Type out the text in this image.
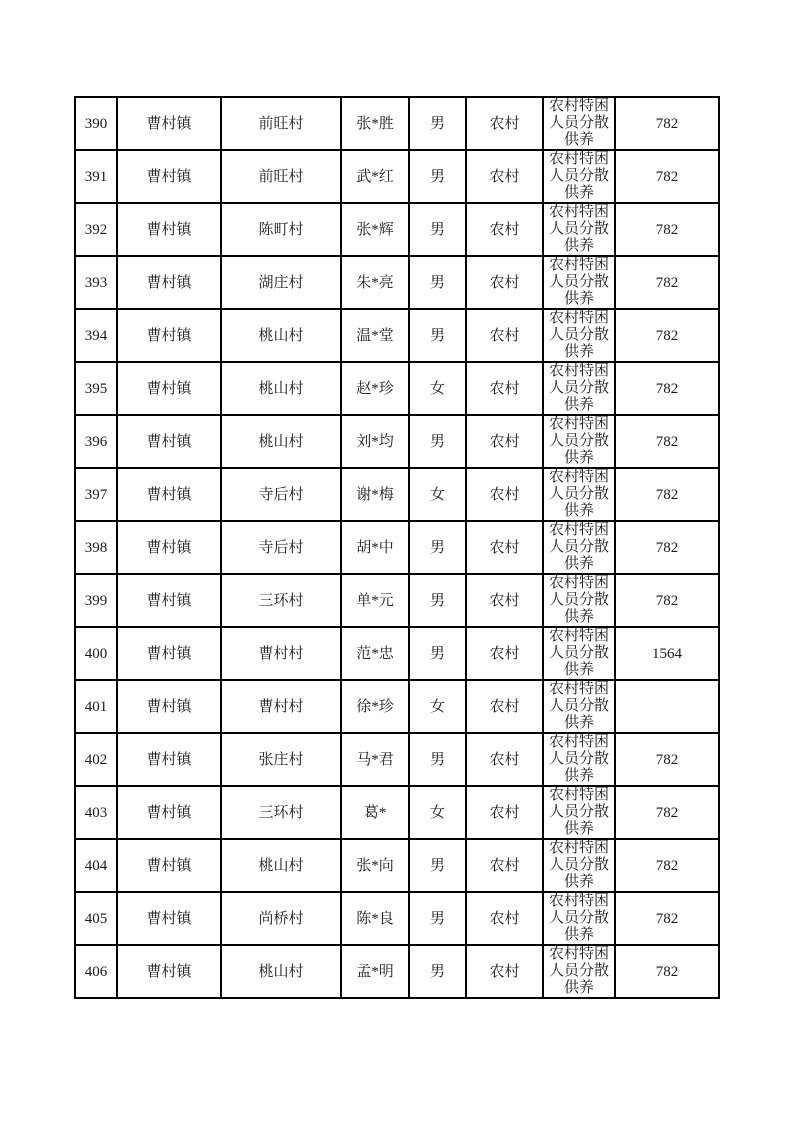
390	曹村镇	前旺村	张*胜	男	农村	农村特困人员分散供养	782
391	曹村镇	前旺村	武*红	男	农村	农村特困人员分散供养	782
392	曹村镇	陈町村	张*辉	男	农村	农村特困人员分散供养	782
393	曹村镇	湖庄村	朱*亮	男	农村	农村特困人员分散供养	782
394	曹村镇	桃山村	温*堂	男	农村	农村特困人员分散供养	782
395	曹村镇	桃山村	赵*珍	女	农村	农村特困人员分散供养	782
396	曹村镇	桃山村	刘*均	男	农村	农村特困人员分散供养	782
397	曹村镇	寺后村	谢*梅	女	农村	农村特困人员分散供养	782
398	曹村镇	寺后村	胡*中	男	农村	农村特困人员分散供养	782
399	曹村镇	三环村	单*元	男	农村	农村特困人员分散供养	782
400	曹村镇	曹村村	范*忠	男	农村	农村特困人员分散供养	1564
401	曹村镇	曹村村	徐*珍	女	农村	农村特困人员分散供养	
402	曹村镇	张庄村	马*君	男	农村	农村特困人员分散供养	782
403	曹村镇	三环村	葛*	女	农村	农村特困人员分散供养	782
404	曹村镇	桃山村	张*向	男	农村	农村特困人员分散供养	782
405	曹村镇	尚桥村	陈*良	男	农村	农村特困人员分散供养	782
406	曹村镇	桃山村	孟*明	男	农村	农村特困人员分散供养	782
